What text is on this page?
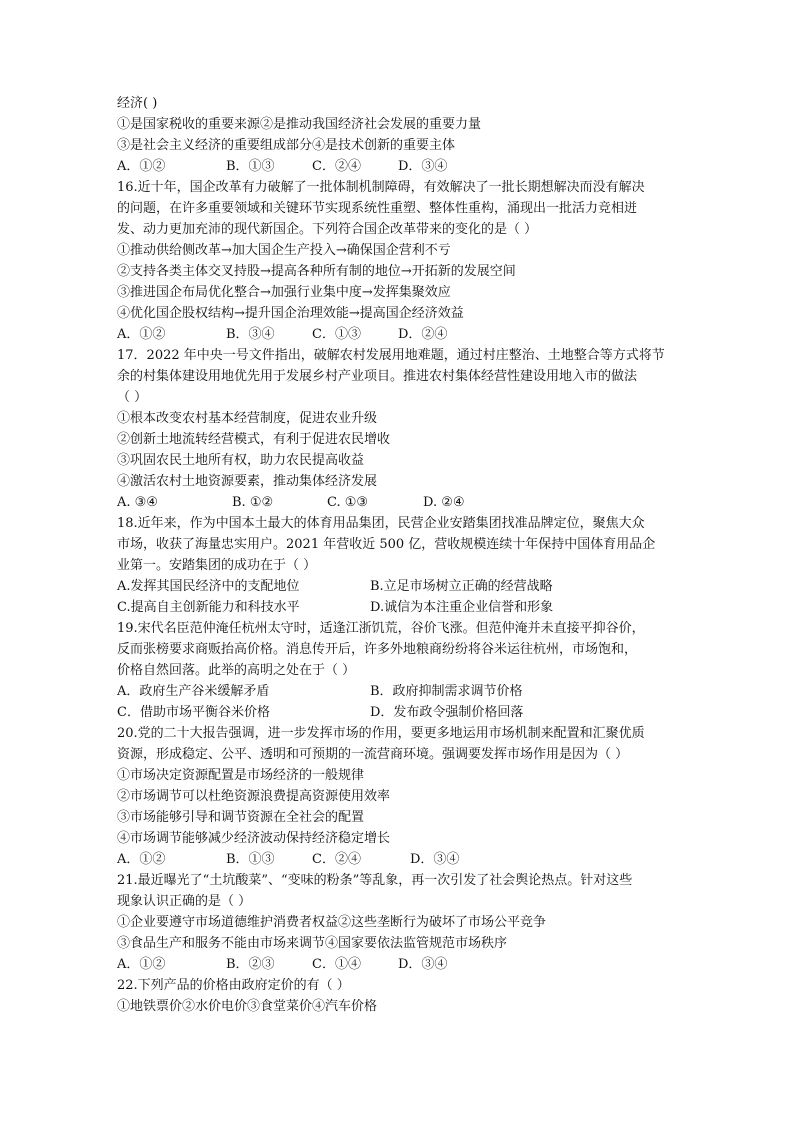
经济( )
①是国家税收的重要来源②是推动我国经济社会发展的重要力量
③是社会主义经济的重要组成部分④是技术创新的重要主体
A．①②	B．①③	C．②④	D．③④
16.近十年，国企改革有力破解了一批体制机制障碍，有效解决了一批长期想解决而没有解决
的问题，在许多重要领域和关键环节实现系统性重塑、整体性重构，涌现出一批活力竞相迸
发、动力更加充沛的现代新国企。下列符合国企改革带来的变化的是（ ）
①推动供给侧改革→加大国企生产投入→确保国企营利不亏
②支持各类主体交叉持股→提高各种所有制的地位→开拓新的发展空间
③推进国企布局优化整合→加强行业集中度→发挥集聚效应
④优化国企股权结构→提升国企治理效能→提高国企经济效益
A．①②	B．③④	C．①③	D．②④
17．2022 年中央一号文件指出，破解农村发展用地难题，通过村庄整治、土地整合等方式将节
余的村集体建设用地优先用于发展乡村产业项目。推进农村集体经营性建设用地入市的做法
（ ）
①根本改变农村基本经营制度，促进农业升级
②创新土地流转经营模式，有利于促进农民增收
③巩固农民土地所有权，助力农民提高收益
④激活农村土地资源要素，推动集体经济发展
A. ③④	B. ①②	C. ①③	D. ②④
18.近年来，作为中国本土最大的体育用品集团，民营企业安踏集团找准品牌定位，聚焦大众
市场，收获了海量忠实用户。2021 年营收近 500 亿，营收规模连续十年保持中国体育用品企
业第一。安踏集团的成功在于（ ）
A.发挥其国民经济中的支配地位	B.立足市场树立正确的经营战略
C.提高自主创新能力和科技水平	D.诚信为本注重企业信誉和形象
19.宋代名臣范仲淹任杭州太守时，适逢江浙饥荒，谷价飞涨。但范仲淹并未直接平抑谷价，
反而张榜要求商贩抬高价格。消息传开后，许多外地粮商纷纷将谷米运往杭州，市场饱和，
价格自然回落。此举的高明之处在于（ ）
A．政府生产谷米缓解矛盾	B．政府抑制需求调节价格
C．借助市场平衡谷米价格	D．发布政令强制价格回落
20.党的二十大报告强调，进一步发挥市场的作用，要更多地运用市场机制来配置和汇聚优质
资源，形成稳定、公平、透明和可预期的一流营商环境。强调要发挥市场作用是因为（ ）
①市场决定资源配置是市场经济的一般规律
②市场调节可以杜绝资源浪费提高资源使用效率
③市场能够引导和调节资源在全社会的配置
④市场调节能够减少经济波动保持经济稳定增长
A．①②	B．①③	C．②④	D．③④
21.最近曝光了“土坑酸菜”、“变味的粉条”等乱象，再一次引发了社会舆论热点。针对这些
现象认识正确的是（ ）
①企业要遵守市场道德维护消费者权益②这些垄断行为破坏了市场公平竞争
③食品生产和服务不能由市场来调节④国家要依法监管规范市场秩序
A．①②	B．②③	C．①④	D．③④
22.下列产品的价格由政府定价的有（ ）
①地铁票价②水价电价③食堂菜价④汽车价格
